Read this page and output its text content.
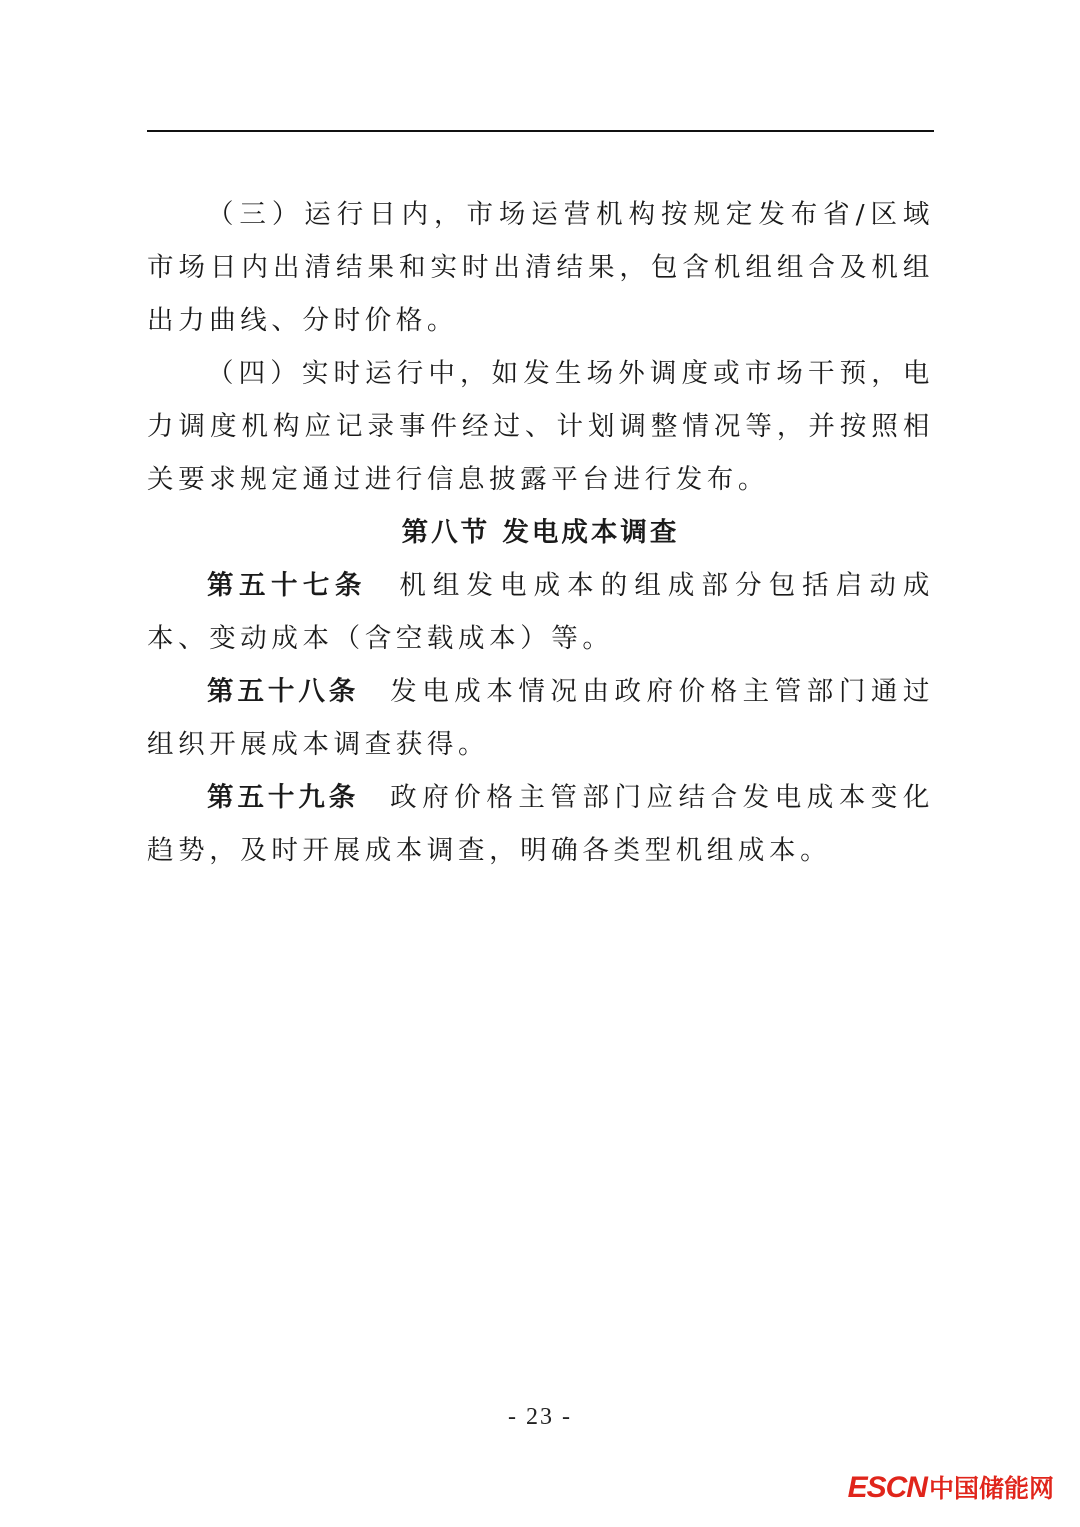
（三）运行日内，市场运营机构按规定发布省/区域市场日内出清结果和实时出清结果，包含机组组合及机组出力曲线、分时价格。

（四）实时运行中，如发生场外调度或市场干预，电力调度机构应记录事件经过、计划调整情况等，并按照相关要求规定通过进行信息披露平台进行发布。

第八节 发电成本调查

第五十七条 机组发电成本的组成部分包括启动成本、变动成本（含空载成本）等。

第五十八条 发电成本情况由政府价格主管部门通过组织开展成本调查获得。

第五十九条 政府价格主管部门应结合发电成本变化趋势，及时开展成本调查，明确各类型机组成本。

- 23 -
ESCN 中国储能网
